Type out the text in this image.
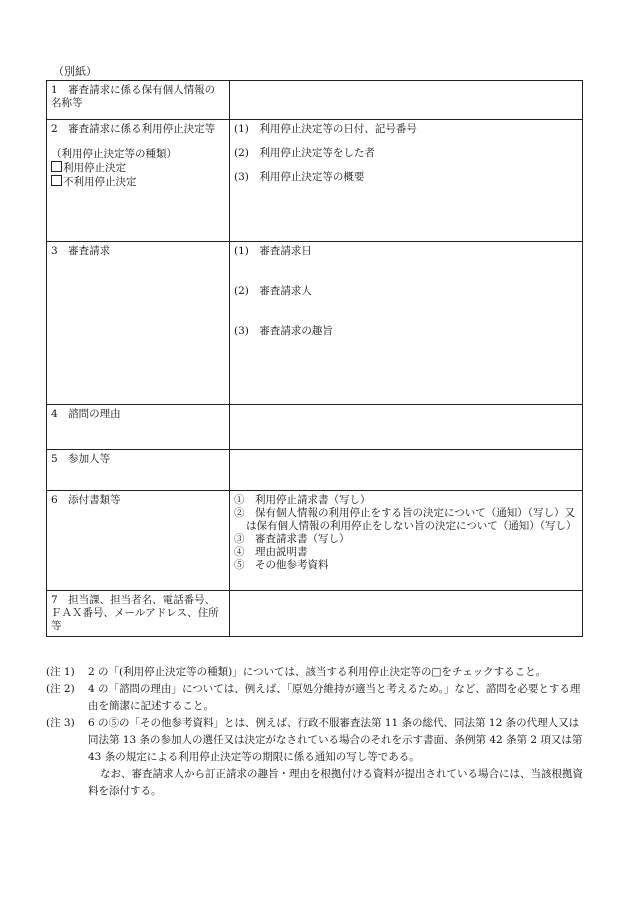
（別紙）
1　審査請求に係る保有個人情報の名称等	

2　審査請求に係る利用停止決定等
（利用停止決定等の種類）
利用停止決定
不利用停止決定	(1)　利用停止決定等の日付、記号番号
(2)　利用停止決定等をした者
(3)　利用停止決定等の概要

3　審査請求	(1)　審査請求日
(2)　審査請求人
(3)　審査請求の趣旨

4　諮問の理由	
5　参加人等	
6　添付書類等	①　利用停止請求書（写し）
②　保有個人情報の利用停止をする旨の決定について（通知）（写し）又は保有個人情報の利用停止をしない旨の決定について（通知）（写し）
③　審査請求書（写し）
④　理由説明書
⑤　その他参考資料

7　担当課、担当者名、電話番号、ＦＡＸ番号、メールアドレス、住所等	
(注 1) 2 の「(利用停止決定等の種類)」については、該当する利用停止決定等の□をチェックすること。
(注 2) 4 の「諮問の理由」については、例えば、「原処分維持が適当と考えるため。」など、諮問を必要とする理由を簡潔に記述すること。
(注 3) 6 の⑤の「その他参考資料」とは、例えば、行政不服審査法第 11 条の総代、同法第 12 条の代理人又は同法第 13 条の参加人の選任又は決定がなされている場合のそれを示す書面、条例第 42 条第 2 項又は第 43 条の規定による利用停止決定等の期限に係る通知の写し等である。
なお、審査請求人から訂正請求の趣旨・理由を根拠付ける資料が提出されている場合には、当該根拠資料を添付する。
